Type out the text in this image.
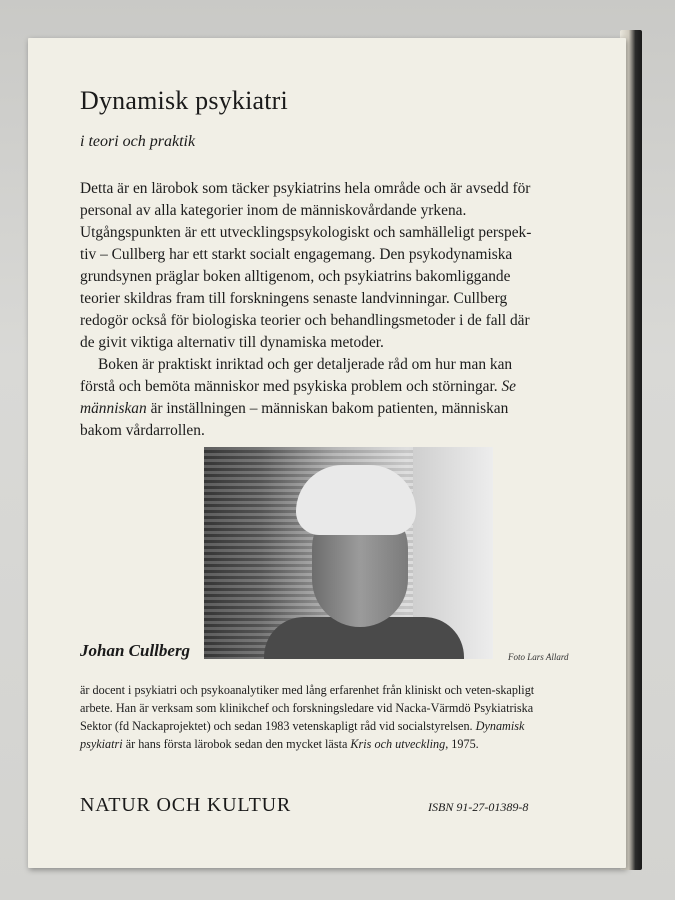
Dynamisk psykiatri
i teori och praktik

Detta är en lärobok som täcker psykiatrins hela område och är avsedd för personal av alla kategorier inom de människovårdande yrkena. Utgångspunkten är ett utvecklingspsykologiskt och samhälleligt perspek-tiv – Cullberg har ett starkt socialt engagemang. Den psykodynamiska grundsynen präglar boken alltigenom, och psykiatrins bakomliggande teorier skildras fram till forskningens senaste landvinningar. Cullberg redogör också för biologiska teorier och behandlingsmetoder i de fall där de givit viktiga alternativ till dynamiska metoder.

Boken är praktiskt inriktad och ger detaljerade råd om hur man kan förstå och bemöta människor med psykiska problem och störningar. Se människan är inställningen – människan bakom patienten, människan bakom vårdarrollen.

Johan Cullberg	Foto Lars Allard

är docent i psykiatri och psykoanalytiker med lång erfarenhet från kliniskt och veten-skapligt arbete. Han är verksam som klinikchef och forskningsledare vid Nacka-Värmdö Psykiatriska Sektor (fd Nackaprojektet) och sedan 1983 vetenskapligt råd vid socialstyrelsen. Dynamisk psykiatri är hans första lärobok sedan den mycket lästa Kris och utveckling, 1975.

NATUR OCH KULTUR	ISBN 91-27-01389-8
